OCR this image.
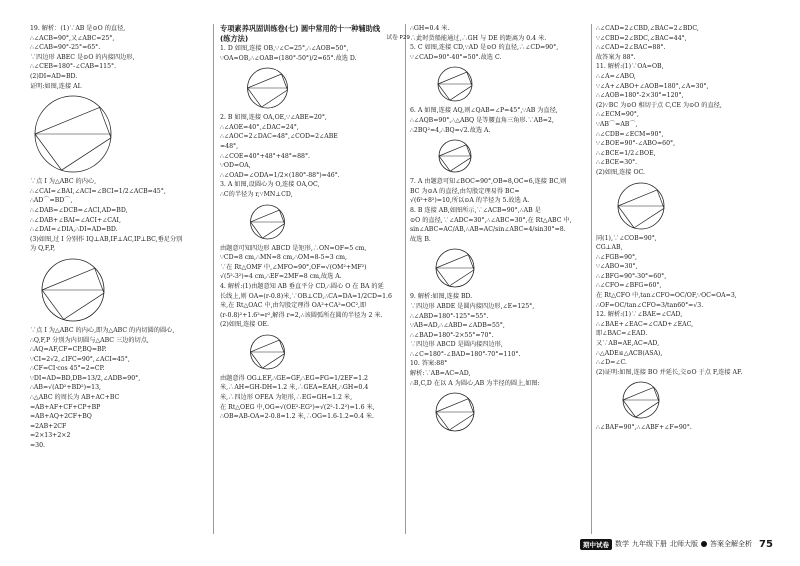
19. 解析：(1)∵AB 是⊙O 的直径,
∴∠ACB=90°,又∠ABC=25°,
∴∠CAB=90°-25°=65°.
∵四边形 ABEC 是⊙O 的内接四边形,
∴∠CEB=180°-∠CAB=115°.
(2)DI=AD=BD.
证明:如图,连接 AI.
∵点 I 为△ABC 的内心,
∴∠CAI=∠BAI,∠ACI=∠BCI=1/2∠ACB=45°,
∴AD⌒=BD⌒,
∴∠DAB=∠DCB=∠ACI,AD=BD,
∴∠DAB+∠BAI=∠ACI+∠CAI,
∴∠DAI=∠DIA,∴DI=AD=BD.
(3)如图,过 I 分别作 IQ⊥AB,IF⊥AC,IP⊥BC,垂足分别
为 Q,F,P,
∵点 I 为△ABC 的内心,即为△ABC 的内切圆的圆心,
∴Q,F,P 分别为内切圆与△ABC 三边的切点,
∴AQ=AF,CF=CP,BQ=BP.
∵CI=2√2,∠IFC=90°,∠ACI=45°,
∴CF=CI·cos 45°=2=CP.
∵DI=AD=BD,DB=13/2,∠ADB=90°,
∴AB=√(AD²+BD²)=13,
∴△ABC 的周长为 AB+AC+BC
=AB+AF+CF+CP+BP
=AB+AQ+2CF+BQ
=2AB+2CF
=2×13+2×2
=30.
专项素养巩固训练卷(七) 圆中常用的十一种辅助线
(练方法)	试卷 P29
1. D 如图,连接 OB,∵∠C=25°,∴∠AOB=50°,
∵OA=OB,∴∠OAB=(180°-50°)/2=65°.故选 D.
2. B 如图,连接 OA,OE,∵∠ABE=20°,
∴∠AOE=40°,∠DAC=24°,
∴∠AOC=2∠DAC=48°,∠COD=2∠ABE
=48°,
∴∠COE=40°+48°+48°=88°.
∵OD=OA,
∴∠OAD=∠ODA=1/2×(180°-88°)=46°.
3. A 如图,设圆心为 O,连接 OA,OC,
∴C的半径为 r,∵MN⊥CD,
由题意可知四边形 ABCD 是矩形,∴ON=OF=5 cm,
∵CD=8 cm,∴MN=8 cm,∴OM=8-5=3 cm,
∵在 Rt△OMF 中,∠MFO=90°,OF=√(OM²+MF²)
√(5²-3²)=4 cm,∴EF=2MF=8 cm,故选 A.
4. 解析:(1)由题意知 AB 垂直平分 CD,∴圆心 O 在 BA 的延
长线上,则 OA=(r-0.8)米,∵OB⊥CD,∴CA=DA=1/2CD=1.6
米,在 Rt△OAC 中,由勾股定理得 OA²+CA²=OC²,即
(r-0.8)²+1.6²=r²,解得 r=2,∴该圆弧所在圆的半径为 2 米.
(2)如图,连接 OE.
由题意得 OG⊥EF,∴GE=GF,∴EG=FG=1/2EF=1.2
米,∴AH=GH-DH=1.2 米,∴GEA=EAH,∴GH=0.4
米,∴四边形 OFEA 为矩形,∴EG=GH=1.2 米,
在 Rt△OEG 中,OG=√(OE²-EG²)=√(2²-1.2²)=1.6 米,
∴OB=AB-OA=2-0.8=1.2 米,∴OG=1.6-1.2=0.4 米.
∴GH=0.4 米.
∴此时货船能通过,∴GH 与 DE 的距离为 0.4 米.
5. C 如图,连接 CD,∵AD 是⊙O 的直径,∴∠CD=90°,
∵∠CAD=90°-40°=50°.故选 C.
6. A 如图,连接 AQ,则∠QAB=∠P=45°,∵AB 为直径,
∴∠AQB=90°,∴△ABQ 是等腰直角三角形.∵AB=2,
∴2BQ²=4,∴BQ=√2.故选 A.
7. A 由题意可知∠BOC=90°,OB=8,OC=6,连接 BC,则
BC 为⊙A 的直径,由勾股定理易得 BC=
√(6²+8²)=10,所以⊙A 的半径为 5.故选 A.
8. B 连接 AB,如图所示,∵∠ACB=90°,∴AB 是
⊙O 的直径,∵∠ADC=30°,∴∠ABC=30°,在 Rt△ABC 中,
sin∠ABC=AC/AB,∴AB=AC/sin∠ABC=4/sin30°=8.
故选 B.
9. 解析:如图,连接 BD.
∵四边形 ABDE 是圆内接四边形,∠E=125°,
∴∠ABD=180°-125°=55°.
∵AB=AD,∴∠ABD=∠ADB=55°,
∴∠BAD=180°-2×55°=70°.
∵四边形 ABCD 是圆内接四边形,
∴∠C=180°-∠BAD=180°-70°=110°.
10. 答案:88°
解析:∵AB=AC=AD,
∴B,C,D 在以 A 为圆心,AB 为半径的圆上,如图:
∴∠CAD=2∠CBD,∠BAC=2∠BDC,
∵∠CBD=2∠BDC,∠BAC=44°,
∴∠CAD=2∠BAC=88°.
故答案为 88°.
11. 解析:(1)∵OA=OB,
∴∠A=∠ABO,
∵∠A+∠ABO+∠AOB=180°,∠A=30°,
∴∠AOB=180°-2×30°=120°,
(2)∵BC 为⊙O 相切于点 C,CE 为⊙O 的直径,
∴∠ECM=90°,
∵AB⌒=AB⌒,
∴∠CDB=∠ECM=90°,
∵∠BOE=90°-∠ABO=60°,
∴∠BCE=1/2∠BOE,
∴∠BCE=30°.
(2)如图,连接 OC.
同(1),∵∠COB=90°,
CG⊥AB,
∴∠FGB=90°,
∵∠ABO=30°,
∴∠BFG=90°-30°=60°,
∴∠CFO=∠BFG=60°,
在 Rt△CFO 中,tan∠CFO=OC/OF,∵OC=OA=3,
∴OF=OC/tan∠CFO=3/tan60°=√3.
12. 解析:(1)∵∠BAE=∠CAD,
∴∠BAE+∠EAC=∠CAD+∠EAC,
即∠BAC=∠EAD.
又∵AB=AE,AC=AD,
∴△ADE≌△ACB(ASA),
∴∠D=∠C.
(2)证明:如图,连接 BO 并延长,交⊙O 于点 F,连接 AF.
∴∠BAF=90°,∴∠ABF+∠F=90°.
期中试卷 数学 九年级下册 北师大版 答案全解全析 75
